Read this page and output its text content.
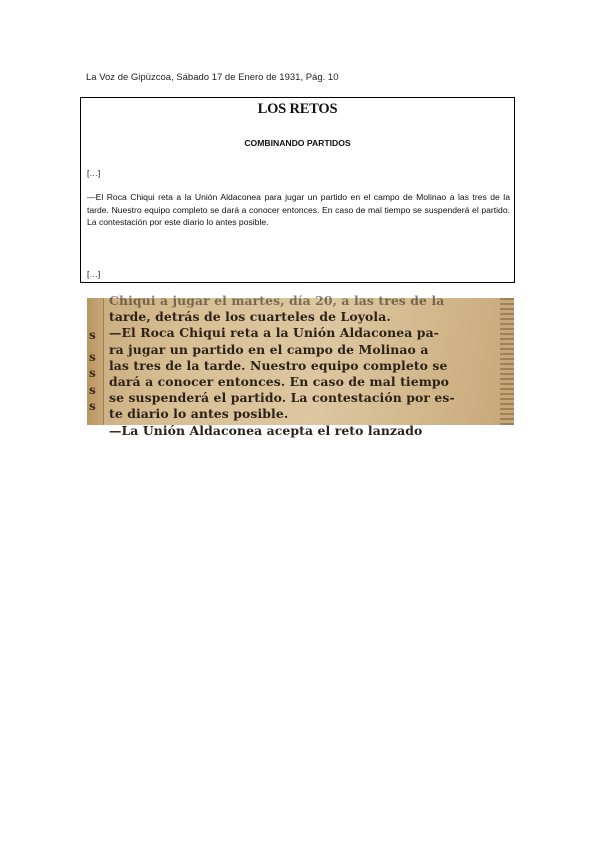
La Voz de Gipúzcoa, Sábado 17 de Enero de 1931, Pág. 10
LOS RETOS
COMBINANDO PARTIDOS
[…]

—El Roca Chiqui reta a la Unión Aldaconea para jugar un partido en el campo de Molinao a las tres de la tarde. Nuestro equipo completo se dará a conocer entonces. En caso de mal tiempo se suspenderá el partido. La contestación por este diario lo antes posible.

[…]
s
s
s
s
s
Chiqui a jugar el martes, día 20, a las tres de la
tarde, detrás de los cuarteles de Loyola.
—El Roca Chiqui reta a la Unión Aldaconea pa-
ra jugar un partido en el campo de Molinao a
las tres de la tarde. Nuestro equipo completo se
dará a conocer entonces. En caso de mal tiempo
se suspenderá el partido. La contestación por es-
te diario lo antes posible.
—La Unión Aldaconea acepta el reto lanzado
